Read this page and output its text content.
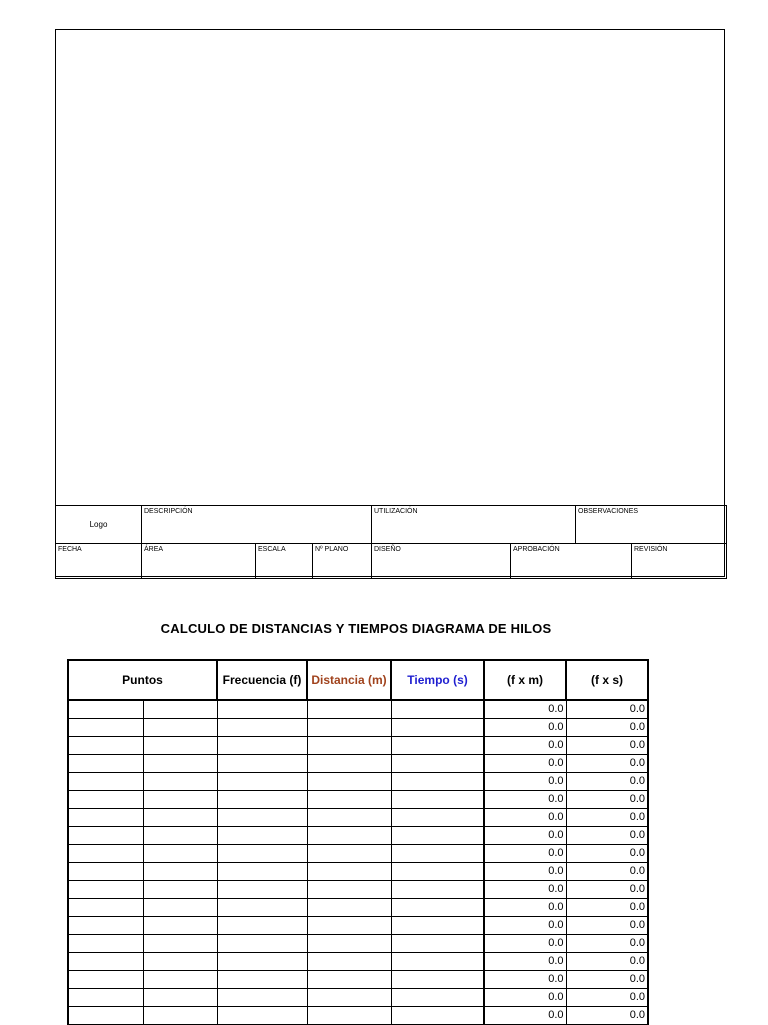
Logo	DESCRIPCIÓN			UTILIZACIÓN		OBSERVACIONES	
FECHA	ÁREA	ESCALA	Nº PLANO	DISEÑO	APROBACIÓN		REVISIÓN
CALCULO DE DISTANCIAS Y TIEMPOS DIAGRAMA DE HILOS
Puntos		Frecuencia (f)	Distancia (m)	Tiempo (s)	(f x m)	(f x s)
					0.0	0.0
					0.0	0.0
					0.0	0.0
					0.0	0.0
					0.0	0.0
					0.0	0.0
					0.0	0.0
					0.0	0.0
					0.0	0.0
					0.0	0.0
					0.0	0.0
					0.0	0.0
					0.0	0.0
					0.0	0.0
					0.0	0.0
					0.0	0.0
					0.0	0.0
					0.0	0.0
